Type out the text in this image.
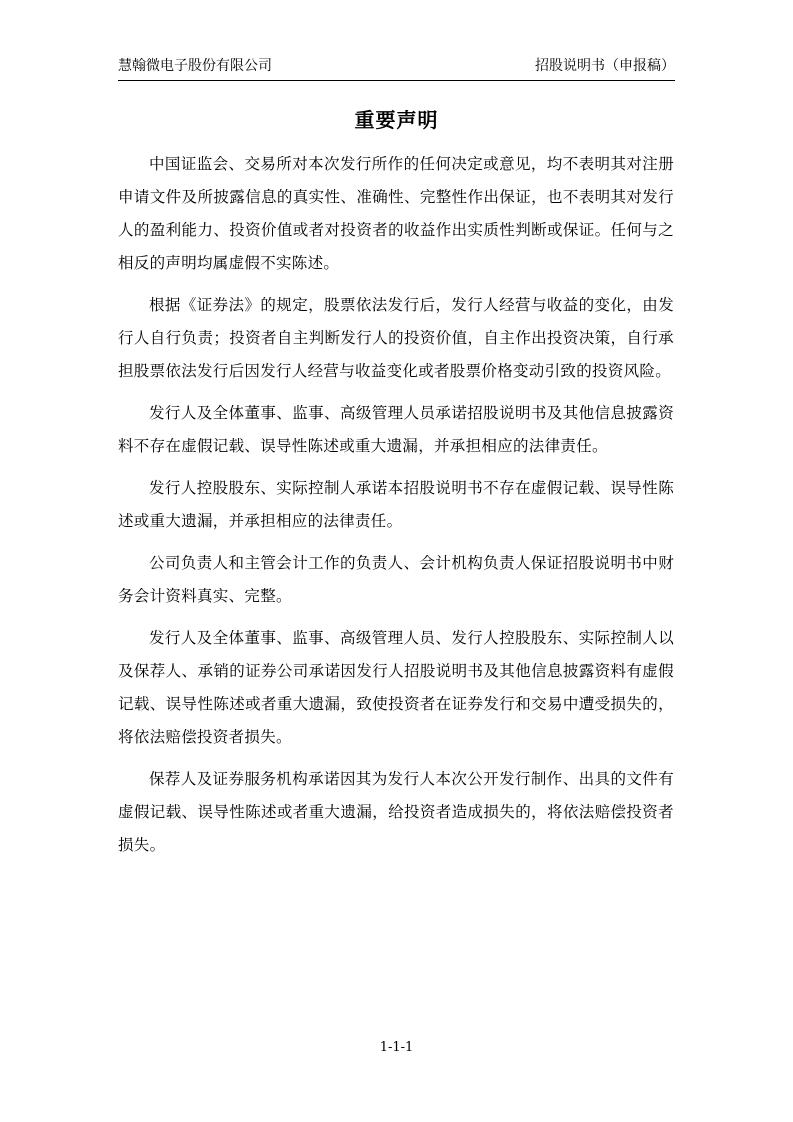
慧翰微电子股份有限公司	招股说明书（申报稿）
重要声明

中国证监会、交易所对本次发行所作的任何决定或意见，均不表明其对注册申请文件及所披露信息的真实性、准确性、完整性作出保证，也不表明其对发行人的盈利能力、投资价值或者对投资者的收益作出实质性判断或保证。任何与之相反的声明均属虚假不实陈述。

根据《证券法》的规定，股票依法发行后，发行人经营与收益的变化，由发行人自行负责；投资者自主判断发行人的投资价值，自主作出投资决策，自行承担股票依法发行后因发行人经营与收益变化或者股票价格变动引致的投资风险。

发行人及全体董事、监事、高级管理人员承诺招股说明书及其他信息披露资料不存在虚假记载、误导性陈述或重大遗漏，并承担相应的法律责任。

发行人控股股东、实际控制人承诺本招股说明书不存在虚假记载、误导性陈述或重大遗漏，并承担相应的法律责任。

公司负责人和主管会计工作的负责人、会计机构负责人保证招股说明书中财务会计资料真实、完整。

发行人及全体董事、监事、高级管理人员、发行人控股股东、实际控制人以及保荐人、承销的证券公司承诺因发行人招股说明书及其他信息披露资料有虚假记载、误导性陈述或者重大遗漏，致使投资者在证券发行和交易中遭受损失的，将依法赔偿投资者损失。

保荐人及证券服务机构承诺因其为发行人本次公开发行制作、出具的文件有虚假记载、误导性陈述或者重大遗漏，给投资者造成损失的，将依法赔偿投资者损失。

1-1-1
